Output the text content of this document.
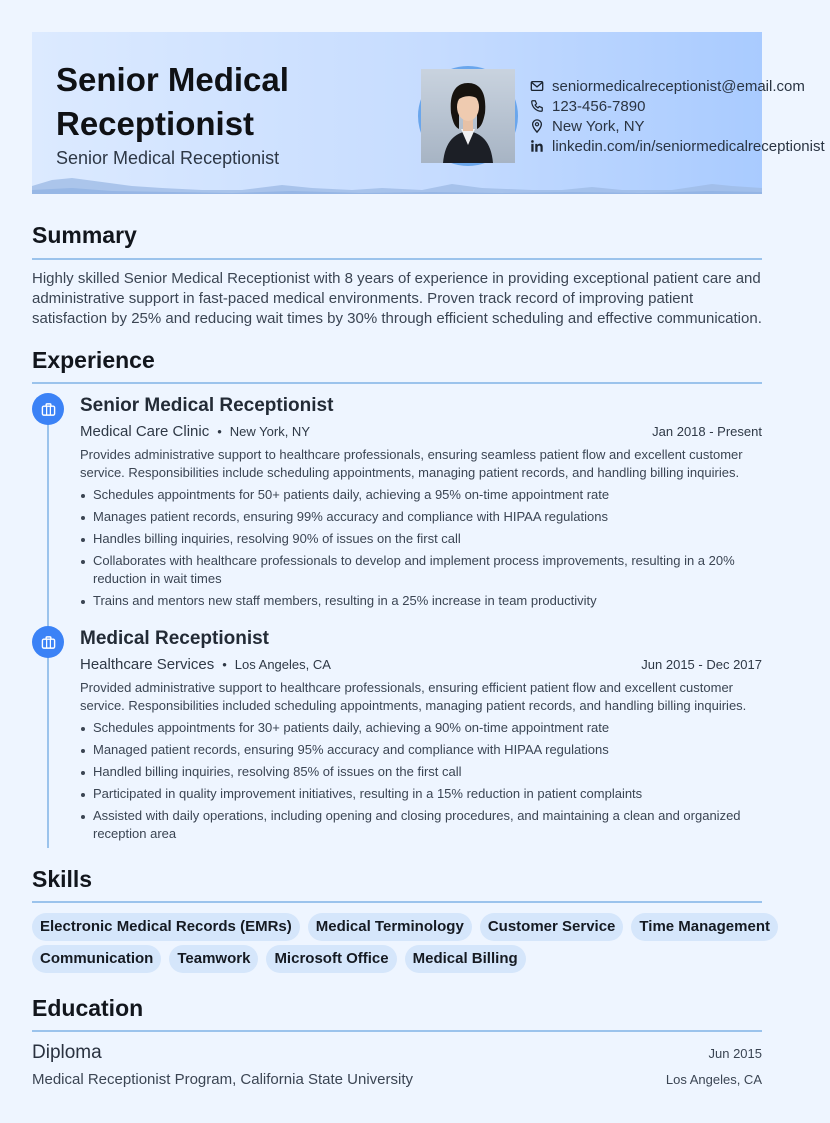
Senior Medical Receptionist

Senior Medical Receptionist

seniormedicalreceptionist@email.com
123-456-7890
New York, NY
linkedin.com/in/seniormedicalreceptionist
Summary

Highly skilled Senior Medical Receptionist with 8 years of experience in providing exceptional patient care and administrative support in fast-paced medical environments. Proven track record of improving patient satisfaction by 25% and reducing wait times by 30% through efficient scheduling and effective communication.

Experience
Senior Medical Receptionist
Medical Care Clinic • New York, NY	Jan 2018 - Present

Provides administrative support to healthcare professionals, ensuring seamless patient flow and excellent customer service. Responsibilities include scheduling appointments, managing patient records, and handling billing inquiries.

Schedules appointments for 50+ patients daily, achieving a 95% on-time appointment rate
Manages patient records, ensuring 99% accuracy and compliance with HIPAA regulations
Handles billing inquiries, resolving 90% of issues on the first call
Collaborates with healthcare professionals to develop and implement process improvements, resulting in a 20% reduction in wait times
Trains and mentors new staff members, resulting in a 25% increase in team productivity
Medical Receptionist
Healthcare Services • Los Angeles, CA	Jun 2015 - Dec 2017

Provided administrative support to healthcare professionals, ensuring efficient patient flow and excellent customer service. Responsibilities included scheduling appointments, managing patient records, and handling billing inquiries.

Schedules appointments for 30+ patients daily, achieving a 90% on-time appointment rate
Managed patient records, ensuring 95% accuracy and compliance with HIPAA regulations
Handled billing inquiries, resolving 85% of issues on the first call
Participated in quality improvement initiatives, resulting in a 15% reduction in patient complaints
Assisted with daily operations, including opening and closing procedures, and maintaining a clean and organized reception area
Skills
Electronic Medical Records (EMRs)	Medical Terminology	Customer Service	Time Management
Communication	Teamwork	Microsoft Office	Medical Billing
Education
Diploma	Jun 2015
Medical Receptionist Program, California State University	Los Angeles, CA
